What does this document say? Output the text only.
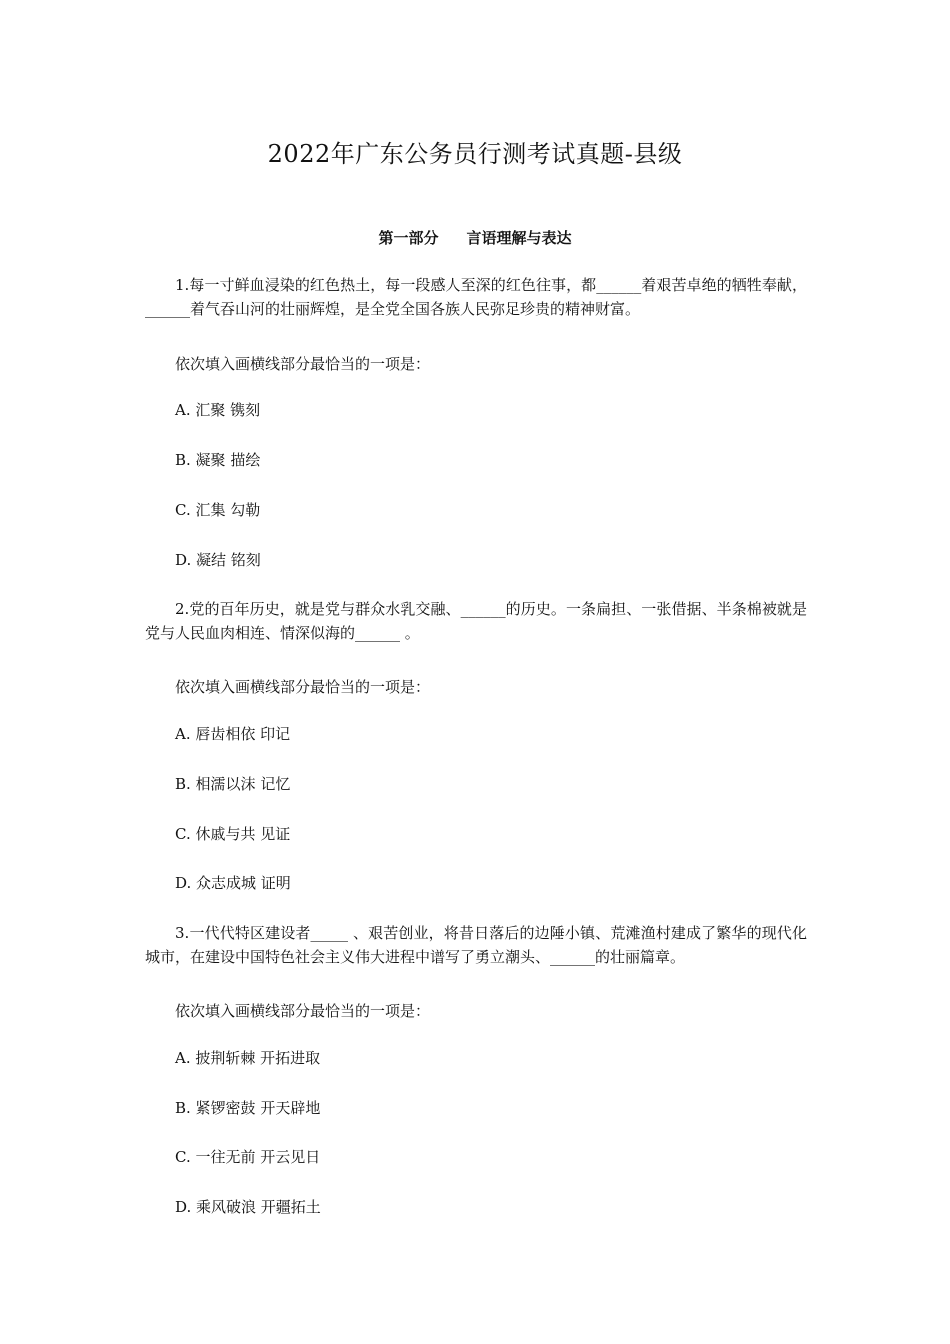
2022年广东公务员行测考试真题-县级
第一部分 言语理解与表达

1.每一寸鲜血浸染的红色热土，每一段感人至深的红色往事，都______着艰苦卓绝的牺牲奉献，______着气吞山河的壮丽辉煌，是全党全国各族人民弥足珍贵的精神财富。

依次填入画横线部分最恰当的一项是：
A. 汇聚 镌刻
B. 凝聚 描绘
C. 汇集 勾勒
D. 凝结 铭刻

2.党的百年历史，就是党与群众水乳交融、______的历史。一条扁担、一张借据、半条棉被就是党与人民血肉相连、情深似海的______ 。

依次填入画横线部分最恰当的一项是：
A. 唇齿相依 印记
B. 相濡以沫 记忆
C. 休戚与共 见证
D. 众志成城 证明

3.一代代特区建设者_____ 、艰苦创业，将昔日落后的边陲小镇、荒滩渔村建成了繁华的现代化城市，在建设中国特色社会主义伟大进程中谱写了勇立潮头、______的壮丽篇章。

依次填入画横线部分最恰当的一项是：
A. 披荆斩棘 开拓进取
B. 紧锣密鼓 开天辟地
C. 一往无前 开云见日
D. 乘风破浪 开疆拓土
